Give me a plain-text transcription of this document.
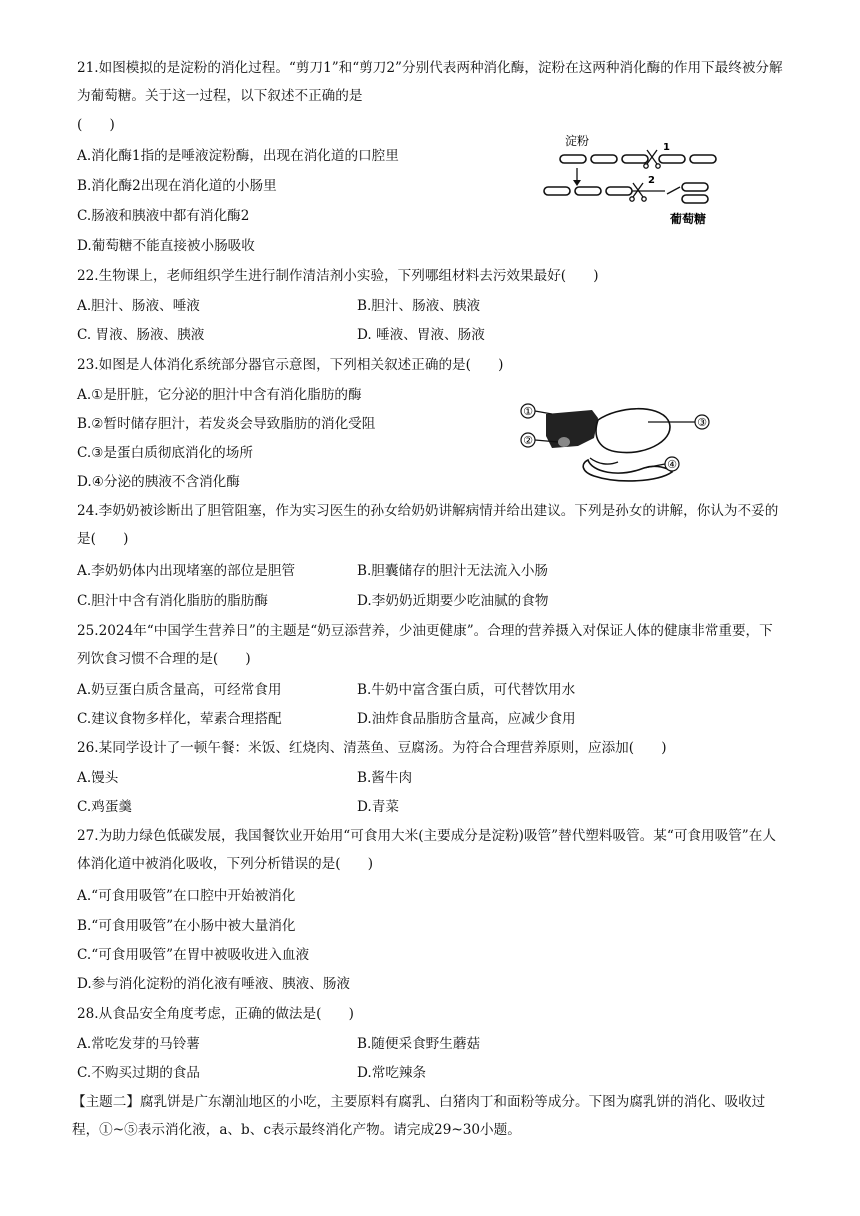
21.如图模拟的是淀粉的消化过程。“剪刀1”和“剪刀2”分别代表两种消化酶，淀粉在这两种消化酶的作用下最终被分解为葡萄糖。关于这一过程，以下叙述不正确的是
(　　)
A.消化酶1指的是唾液淀粉酶，出现在消化道的口腔里
B.消化酶2出现在消化道的小肠里
C.肠液和胰液中都有消化酶2
D.葡萄糖不能直接被小肠吸收
淀粉	1
2
葡萄糖
22.生物课上，老师组织学生进行制作清洁剂小实验，下列哪组材料去污效果最好(　　)
A.胆汁、肠液、唾液	B.胆汁、肠液、胰液
C. 胃液、肠液、胰液	D. 唾液、胃液、肠液
23.如图是人体消化系统部分器官示意图，下列相关叙述正确的是(　　)
A.①是肝脏，它分泌的胆汁中含有消化脂肪的酶
B.②暂时储存胆汁，若发炎会导致脂肪的消化受阻
C.③是蛋白质彻底消化的场所
D.④分泌的胰液不含消化酶
①
②
③
④
24.李奶奶被诊断出了胆管阻塞，作为实习医生的孙女给奶奶讲解病情并给出建议。下列是孙女的讲解，你认为不妥的是(　　)
A.李奶奶体内出现堵塞的部位是胆管	B.胆囊储存的胆汁无法流入小肠
C.胆汁中含有消化脂肪的脂肪酶	D.李奶奶近期要少吃油腻的食物
25.2024年“中国学生营养日”的主题是“奶豆添营养，少油更健康”。合理的营养摄入对保证人体的健康非常重要，下列饮食习惯不合理的是(　　)
A.奶豆蛋白质含量高，可经常食用	B.牛奶中富含蛋白质，可代替饮用水
C.建议食物多样化，荤素合理搭配	D.油炸食品脂肪含量高，应减少食用
26.某同学设计了一顿午餐：米饭、红烧肉、清蒸鱼、豆腐汤。为符合合理营养原则，应添加(　　)
A.馒头	B.酱牛肉
C.鸡蛋羹	D.青菜
27.为助力绿色低碳发展，我国餐饮业开始用“可食用大米(主要成分是淀粉)吸管”替代塑料吸管。某“可食用吸管”在人体消化道中被消化吸收，下列分析错误的是(　　)
A.“可食用吸管”在口腔中开始被消化
B.“可食用吸管”在小肠中被大量消化
C.“可食用吸管”在胃中被吸收进入血液
D.参与消化淀粉的消化液有唾液、胰液、肠液
28.从食品安全角度考虑，正确的做法是(　　)
A.常吃发芽的马铃薯	B.随便采食野生蘑菇
C.不购买过期的食品	D.常吃辣条
【主题二】腐乳饼是广东潮汕地区的小吃，主要原料有腐乳、白猪肉丁和面粉等成分。下图为腐乳饼的消化、吸收过程，①~⑤表示消化液，a、b、c表示最终消化产物。请完成29~30小题。
